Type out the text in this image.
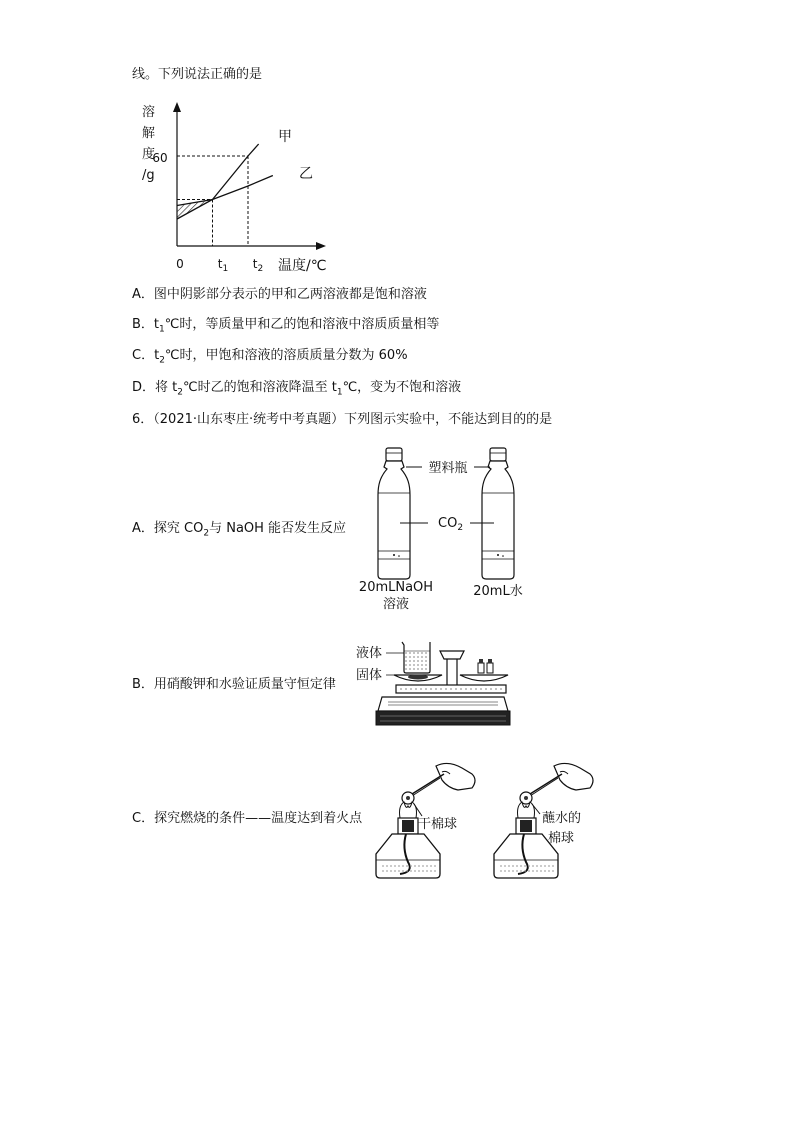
线。下列说法正确的是
溶
解
度
/g
甲
乙
60
0	$t_1$ $t_2$ 温度/℃
A．图中阴影部分表示的甲和乙两溶液都是饱和溶液
B．$t_1℃$时，等质量甲和乙的饱和溶液中溶质质量相等
C．$t_2℃$时，甲饱和溶液的溶质质量分数为 60%
D．将 $t_2℃$时乙的饱和溶液降温至 $t_1℃$，变为不饱和溶液
6．（2021·山东枣庄·统考中考真题）下列图示实验中，不能达到目的的是
A．探究 $CO_2$与 NaOH 能否发生反应
塑料瓶
$CO_2$
20mLNaOH
溶液
20mL水
B．用硝酸钾和水验证质量守恒定律
液体
固体
C．探究燃烧的条件——温度达到着火点	干棉球	蘸水的
棉球
